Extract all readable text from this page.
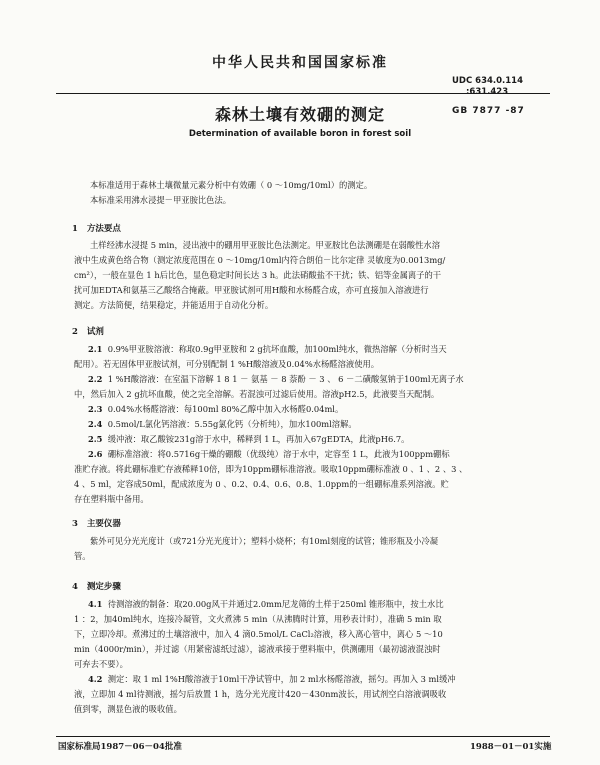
中华人民共和国国家标准
UDC 634.0.114
:631.423
GB 7877 -87
森林土壤有效硼的测定
Determination of available boron in forest soil
本标准适用于森林土壤微量元素分析中有效硼（ 0 ～10mg/10ml）的测定。
本标准采用沸水浸提－甲亚胺比色法。
1 方法要点
土样经沸水浸提 5 min，浸出液中的硼用甲亚胺比色法测定。甲亚胺比色法测硼是在弱酸性水溶
液中生成黄色络合物（测定浓度范围在 0 ～10mg/10ml内符合朗伯－比尔定律 灵敏度为0.0013mg/
cm²），一般在显色 1 h后比色，显色稳定时间长达 3 h。此法硝酸盐不干扰；铁、铝等金属离子的干
扰可加EDTA和氨基三乙酸络合掩蔽。甲亚胺试剂可用H酸和水杨醛合成，亦可直接加入溶液进行
测定。方法简便，结果稳定，并能适用于自动化分析。
2 试剂
2.1 0.9%甲亚胺溶液：称取0.9g甲亚胺和 2 g抗坏血酸，加100ml纯水，微热溶解（分析时当天
配用）。若无固体甲亚胺试剂，可分别配制 1 %H酸溶液及0.04%水杨醛溶液使用。
2.2 1 %H酸溶液：在室温下溶解 1 8 1 － 氨基 － 8 萘酚 － 3 、 6 －二磺酸氢钠于100ml无离子水
中，然后加入 2 g抗坏血酸，使之完全溶解。若混浊可过滤后使用。溶液pH2.5，此液要当天配制。
2.3 0.04%水杨醛溶液：每100ml 80%乙醇中加入水杨醛0.04ml。
2.4 0.5mol/L氯化钙溶液：5.55g氯化钙（分析纯），加水100ml溶解。
2.5 缓冲液：取乙酸铵231g溶于水中，稀释到 1 L，再加入67gEDTA，此液pH6.7。
2.6 硼标准溶液：将0.5716g干燥的硼酸（优级纯）溶于水中，定容至 1 L，此液为100ppm硼标
准贮存液。将此硼标准贮存液稀释10倍，即为10ppm硼标准溶液。吸取10ppm硼标准液 0 、1 、2 、3 、
4 、5 ml，定容成50ml，配成浓度为 0 、0.2、0.4、0.6、0.8、1.0ppm的一组硼标准系列溶液。贮
存在塑料瓶中备用。
3 主要仪器
紫外可见分光光度计（或721分光光度计）；塑料小烧杯；有10ml刻度的试管；锥形瓶及小冷凝
管。
4 测定步骤
4.1 待测溶液的制备：取20.00g风干并通过2.0mm尼龙筛的土样于250ml 锥形瓶中，按土水比
1 ：2，加40ml纯水，连接冷凝管，文火煮沸 5 min（从沸腾时计算，用秒表计时），准确 5 min 取
下，立即冷却。煮沸过的土壤溶液中，加入 4 滴0.5mol/L CaCl₂溶液，移入离心管中，离心 5 ～10
min（4000r/min），并过滤（用紧密滤纸过滤），滤液承接于塑料瓶中，供测硼用（最初滤液混浊时
可弃去不要）。
4.2 测定：取 1 ml 1%H酸溶液于10ml干净试管中，加 2 ml水杨醛溶液，摇匀。再加入 3 ml缓冲
液，立即加 4 ml待测液，摇匀后放置 1 h，选分光光度计420－430nm波长，用试剂空白溶液调吸收
值到零，测显色液的吸收值。
国家标准局1987－06－04批准	1988－01－01实施
